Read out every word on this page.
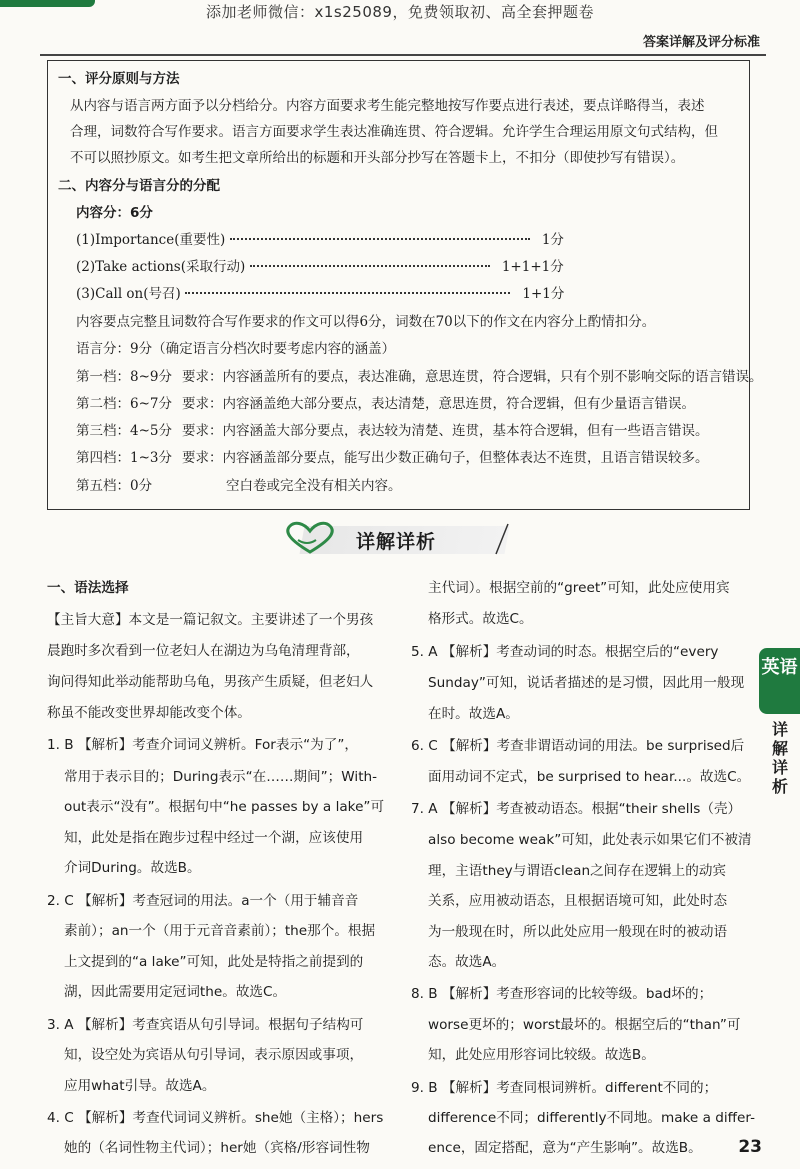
添加老师微信：x1s25089，免费领取初、高全套押题卷
答案详解及评分标准
一、评分原则与方法
从内容与语言两方面予以分档给分。内容方面要求考生能完整地按写作要点进行表述，要点详略得当，表述
合理，词数符合写作要求。语言方面要求学生表达准确连贯、符合逻辑。允许学生合理运用原文句式结构，但
不可以照抄原文。如考生把文章所给出的标题和开头部分抄写在答题卡上，不扣分（即使抄写有错误）。
二、内容分与语言分的分配
内容分：6分
(1)Importance(重要性)	1分
(2)Take actions(采取行动)	1+1+1分
(3)Call on(号召)	1+1分
内容要点完整且词数符合写作要求的作文可以得6分，词数在70以下的作文在内容分上酌情扣分。
语言分：9分（确定语言分档次时要考虑内容的涵盖）
第一档：8~9分 要求：内容涵盖所有的要点，表达准确，意思连贯，符合逻辑，只有个别不影响交际的语言错误。
第二档：6~7分 要求：内容涵盖绝大部分要点，表达清楚，意思连贯，符合逻辑，但有少量语言错误。
第三档：4~5分 要求：内容涵盖大部分要点，表达较为清楚、连贯，基本符合逻辑，但有一些语言错误。
第四档：1~3分 要求：内容涵盖部分要点，能写出少数正确句子，但整体表达不连贯，且语言错误较多。
第五档：0分	空白卷或完全没有相关内容。
详解详析
一、语法选择
【主旨大意】本文是一篇记叙文。主要讲述了一个男孩
晨跑时多次看到一位老妇人在湖边为乌龟清理背部，
询问得知此举动能帮助乌龟，男孩产生质疑，但老妇人
称虽不能改变世界却能改变个体。
1. B 【解析】考查介词词义辨析。For表示“为了”，
常用于表示目的；During表示“在……期间”；With-
out表示“没有”。根据句中“he passes by a lake”可
知，此处是指在跑步过程中经过一个湖，应该使用
介词During。故选B。
2. C 【解析】考查冠词的用法。a一个（用于辅音音
素前）；an一个（用于元音音素前）；the那个。根据
上文提到的“a lake”可知，此处是特指之前提到的
湖，因此需要用定冠词the。故选C。
3. A 【解析】考查宾语从句引导词。根据句子结构可
知，设空处为宾语从句引导词，表示原因或事项，
应用what引导。故选A。
4. C 【解析】考查代词词义辨析。she她（主格）；hers
她的（名词性物主代词）；her她（宾格/形容词性物
主代词）。根据空前的“greet”可知，此处应使用宾
格形式。故选C。
5. A 【解析】考查动词的时态。根据空后的“every
Sunday”可知，说话者描述的是习惯，因此用一般现
在时。故选A。
6. C 【解析】考查非谓语动词的用法。be surprised后
面用动词不定式，be surprised to hear...。故选C。
7. A 【解析】考查被动语态。根据“their shells（壳）
also become weak”可知，此处表示如果它们不被清
理，主语they与谓语clean之间存在逻辑上的动宾
关系，应用被动语态，且根据语境可知，此处时态
为一般现在时，所以此处应用一般现在时的被动语
态。故选A。
8. B 【解析】考查形容词的比较等级。bad坏的；
worse更坏的；worst最坏的。根据空后的“than”可
知，此处应用形容词比较级。故选B。
9. B 【解析】考查同根词辨析。different不同的；
difference不同；differently不同地。make a differ-
ence，固定搭配，意为“产生影响”。故选B。
英语
详解详析
23
